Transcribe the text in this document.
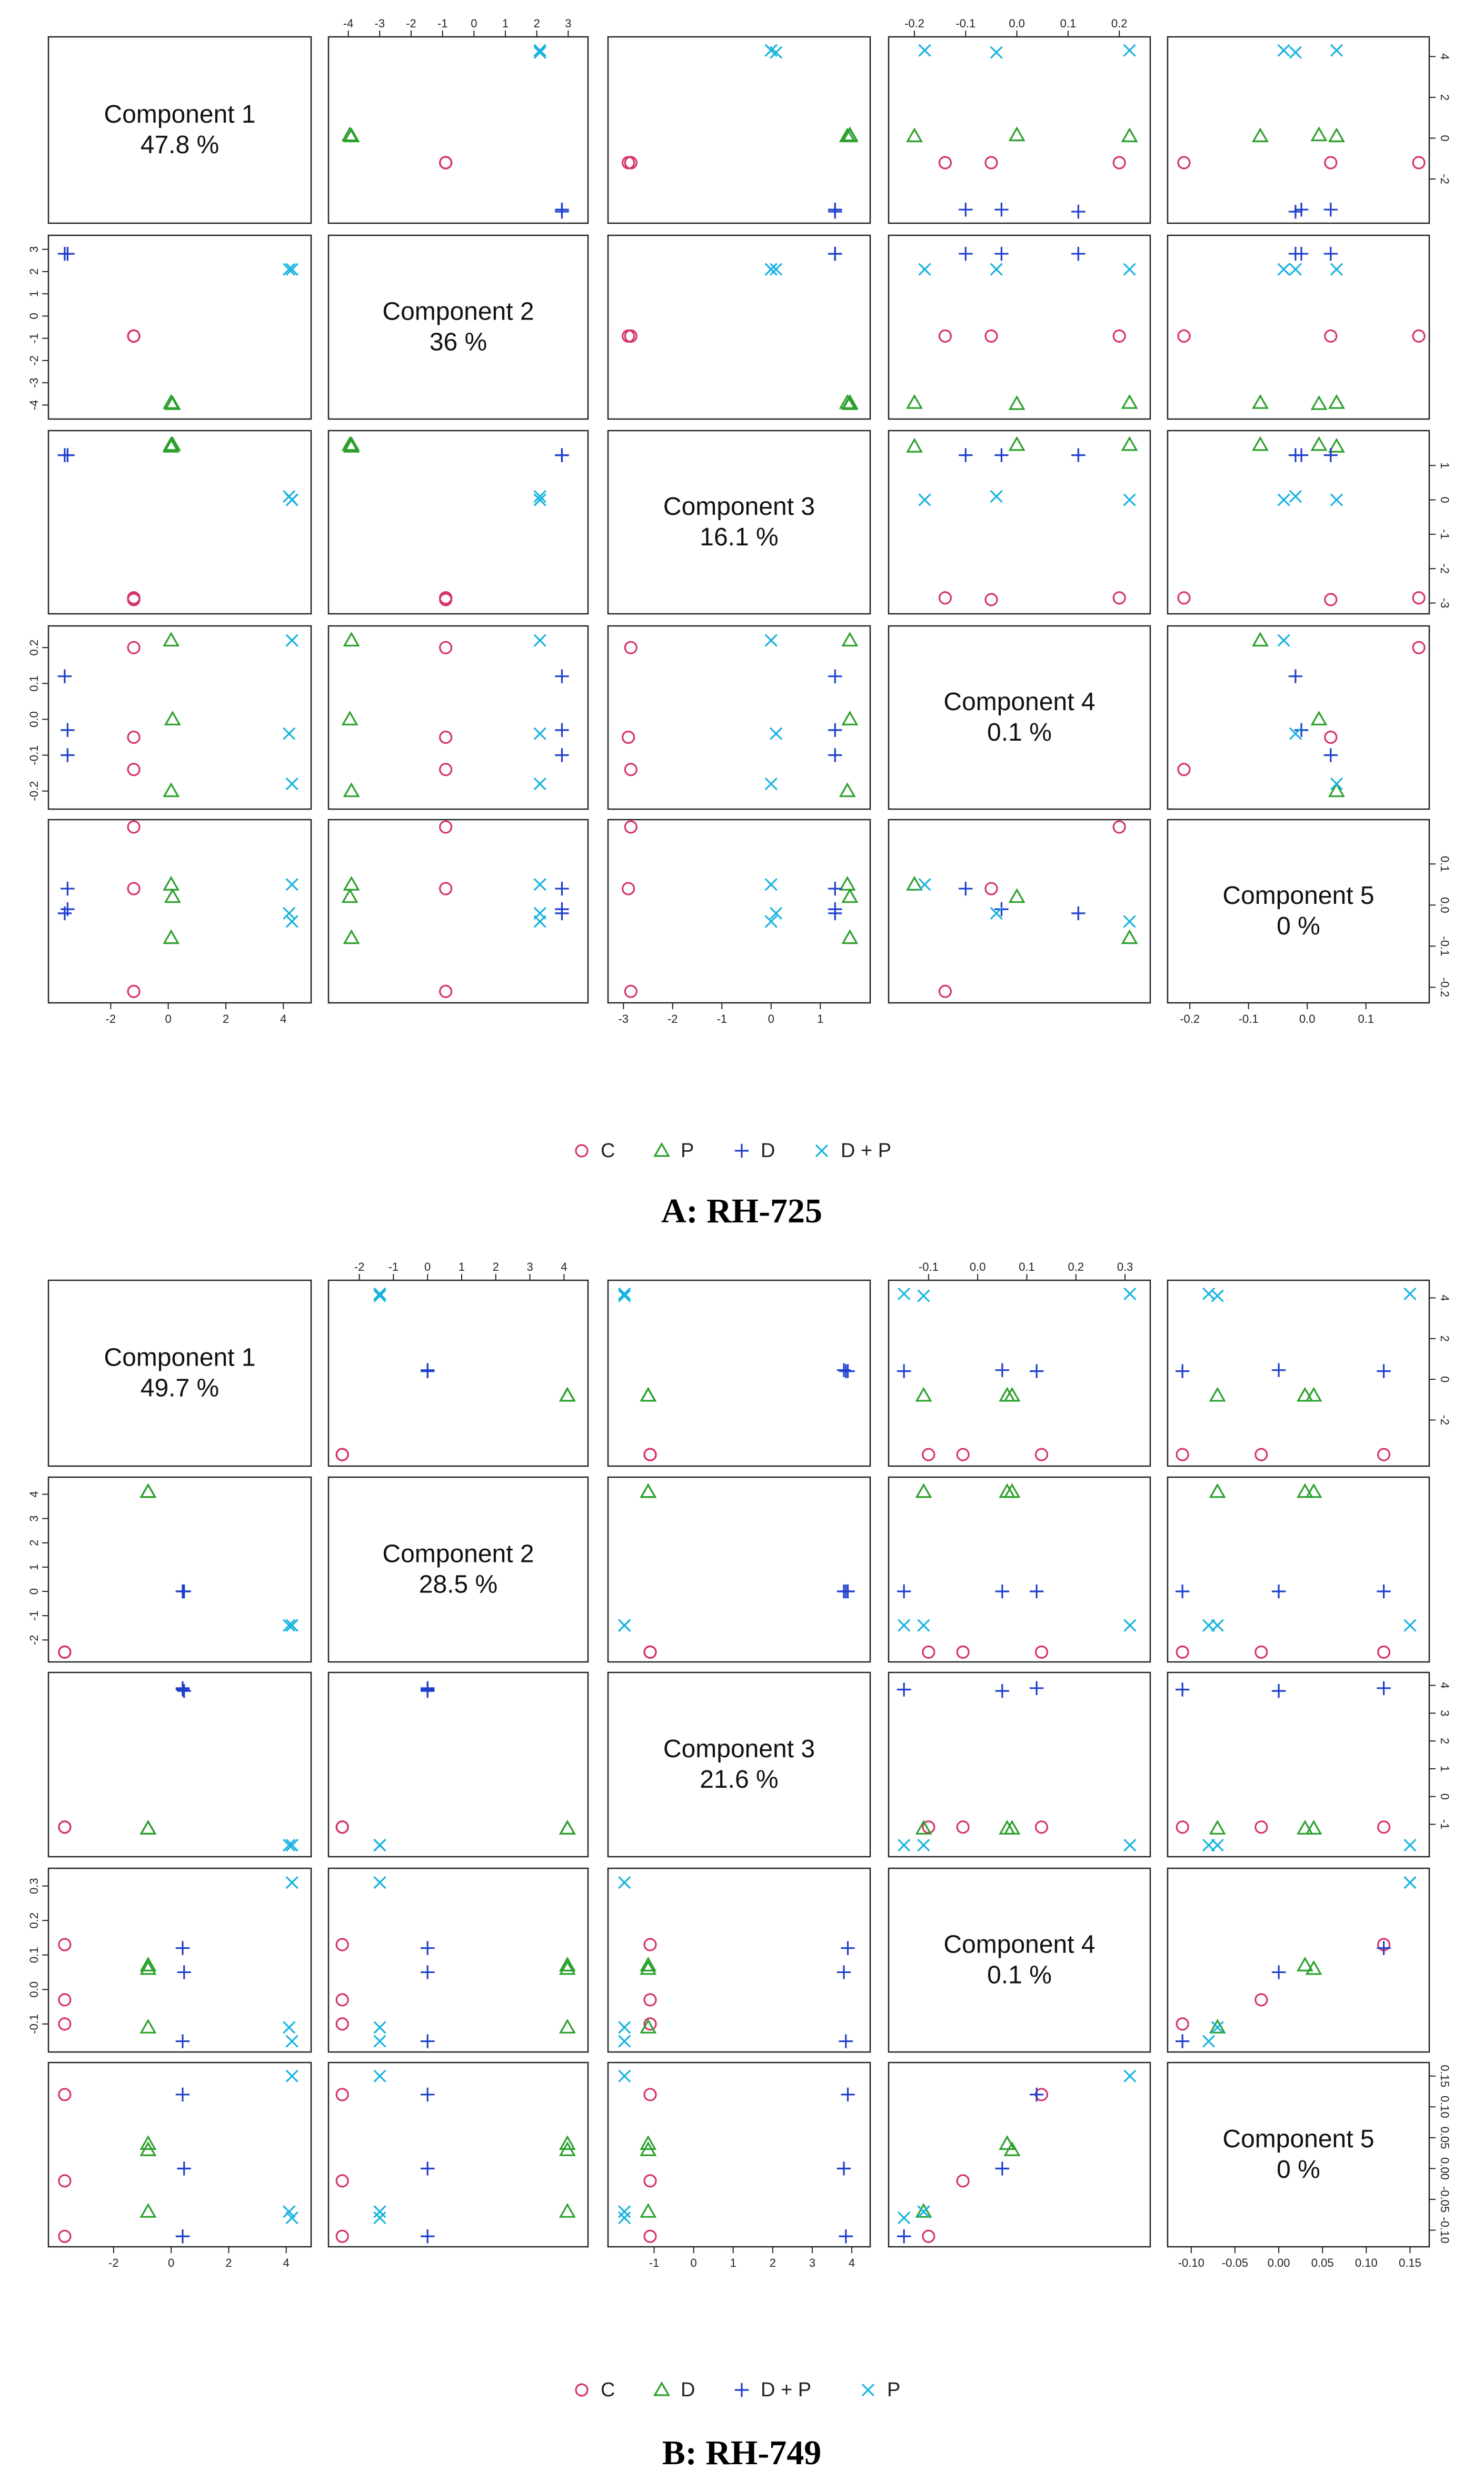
Component 1
47.8 %
Component 2
36 %
Component 3
16.1 %
Component 4
0.1 %
Component 5
0 %
-2	0	2	4
-2
0
2
4
-4 -3 -2 -1 0 1 2 3
-4
-3
-2
-1
0
1
2
3
-3	-2	-1	0	1
-3
-2
-1
0
1
-0.2	-0.1	0.0	0.1	0.2
-0.2
-0.1
0.0
0.1
0.2
-0.2	-0.1	0.0	0.1
-0.2
-0.1
0.0
0.1
C	P	D	D + P
A: RH-725
Component 1
49.7 %
Component 2
28.5 %
Component 3
21.6 %
Component 4
0.1 %
Component 5
0 %
-2	0	2	4
-2
0
2
4
-2 -1 0 1 2 3 4
-2
-1
0
1
2
3
4
-1	0	1	2	3	4
-1
0
1
2
3
4
-0.1	0.0	0.1	0.2	0.3
-0.1
0.0
0.1
0.2
0.3
-0.10 -0.05 0.00 0.05 0.10 0.15
-0.10
-0.05
0.00
0.05
0.10
0.15
C	D	D + P	P
B: RH-749
